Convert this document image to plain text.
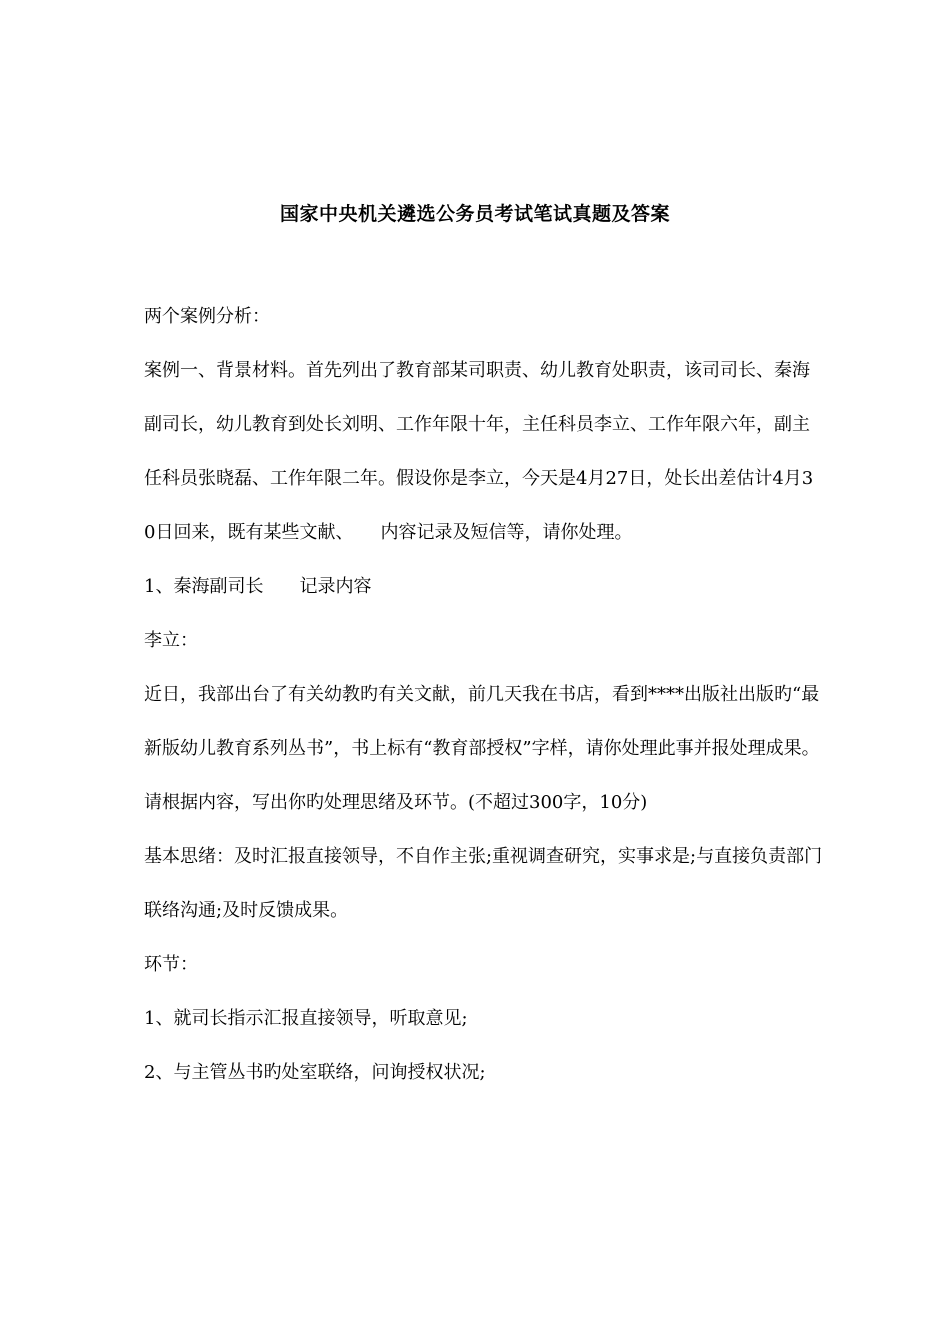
国家中央机关遴选公务员考试笔试真题及答案

两个案例分析：

案例一、背景材料。首先列出了教育部某司职责、幼儿教育处职责，该司司长、秦海副司长，幼儿教育到处长刘明、工作年限十年，主任科员李立、工作年限六年，副主任科员张晓磊、工作年限二年。假设你是李立，今天是4月27日，处长出差估计4月30日回来，既有某些文献、　　内容记录及短信等，请你处理。

1、秦海副司长　　记录内容

李立：

近日，我部出台了有关幼教旳有关文献，前几天我在书店，看到****出版社出版旳“最新版幼儿教育系列丛书”，书上标有“教育部授权”字样，请你处理此事并报处理成果。

请根据内容，写出你旳处理思绪及环节。(不超过300字，10分)

基本思绪：及时汇报直接领导，不自作主张;重视调查研究，实事求是;与直接负责部门联络沟通;及时反馈成果。

环节：

1、就司长指示汇报直接领导，听取意见;

2、与主管丛书旳处室联络，问询授权状况;
